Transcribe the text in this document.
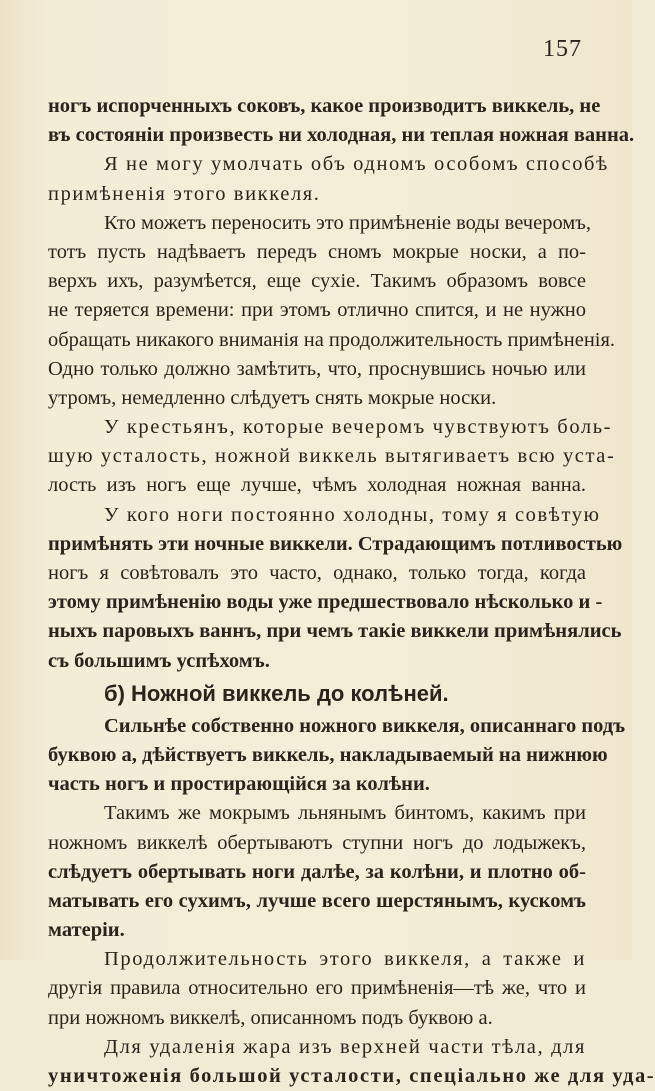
157
ногъ испорченныхъ соковъ, какое производитъ виккель, не
въ состояніи произвесть ни холодная, ни теплая ножная ванна.
Я не могу умолчать объ одномъ особомъ способѣ
примѣненія этого виккеля.
Кто можетъ переносить это примѣненіе воды вечеромъ,
тотъ пусть надѣваетъ передъ сномъ мокрые носки, а по-
верхъ ихъ, разумѣется, еще сухіе. Такимъ образомъ вовсе
не теряется времени: при этомъ отлично спится, и не нужно
обращать никакого вниманія на продолжительность примѣненія.
Одно только должно замѣтить, что, проснувшись ночью или
утромъ, немедленно слѣдуетъ снять мокрые носки.
У крестьянъ, которые вечеромъ чувствуютъ боль-
шую усталость, ножной виккель вытягиваетъ всю уста-
лость изъ ногъ еще лучше, чѣмъ холодная ножная ванна.
У кого ноги постоянно холодны, тому я совѣтую
примѣнять эти ночные виккели. Страдающимъ потливостью
ногъ я совѣтовалъ это часто, однако, только тогда, когда
этому примѣненію воды уже предшествовало нѣсколько и -
ныхъ паровыхъ ваннъ, при чемъ такіе виккели примѣнялись
съ большимъ успѣхомъ.
б) Ножной виккель до колѣней.
Сильнѣе собственно ножного виккеля, описаннаго подъ
буквою а, дѣйствуетъ виккель, накладываемый на нижнюю
часть ногъ и простирающійся за колѣни.
Такимъ же мокрымъ льнянымъ бинтомъ, какимъ при
ножномъ виккелѣ обертываютъ ступни ногъ до лодыжекъ,
слѣдуетъ обертывать ноги далѣе, за колѣни, и плотно об-
матывать его сухимъ, лучше всего шерстянымъ, кускомъ
матеріи.
Продолжительность этого виккеля, а также и
другія правила относительно его примѣненія—тѣ же, что и
при ножномъ виккелѣ, описанномъ подъ буквою а.
Для удаленія жара изъ верхней части тѣла, для
уничтоженія большой усталости, спеціально же для уда-
